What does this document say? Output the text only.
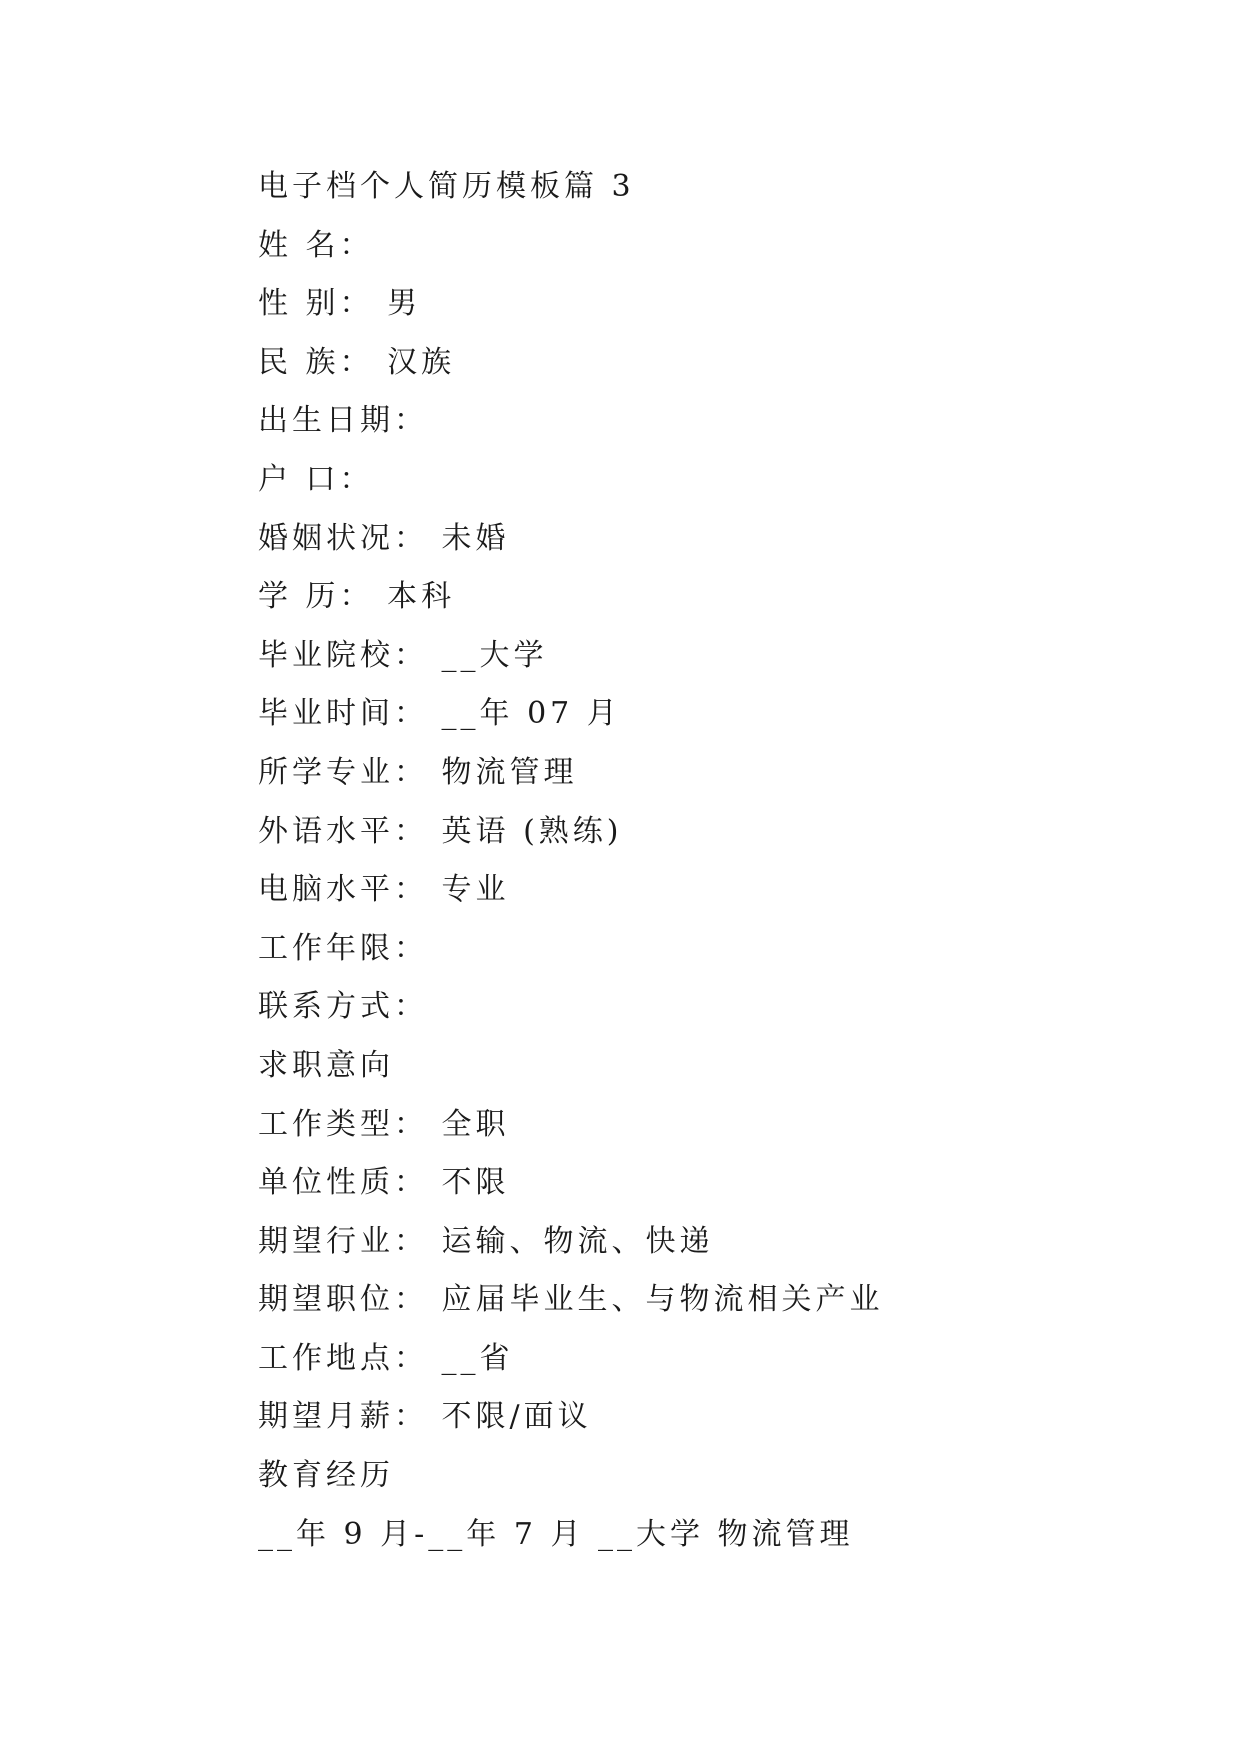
电子档个人简历模板篇 3
姓 名：
性 别： 男
民 族： 汉族
出生日期：
户 口：
婚姻状况： 未婚
学 历： 本科
毕业院校： __大学
毕业时间： __年 07 月
所学专业： 物流管理
外语水平： 英语 (熟练)
电脑水平： 专业
工作年限：
联系方式：
求职意向
工作类型： 全职
单位性质： 不限
期望行业： 运输、物流、快递
期望职位： 应届毕业生、与物流相关产业
工作地点： __省
期望月薪： 不限/面议
教育经历
__年 9 月-__年 7 月 __大学 物流管理
